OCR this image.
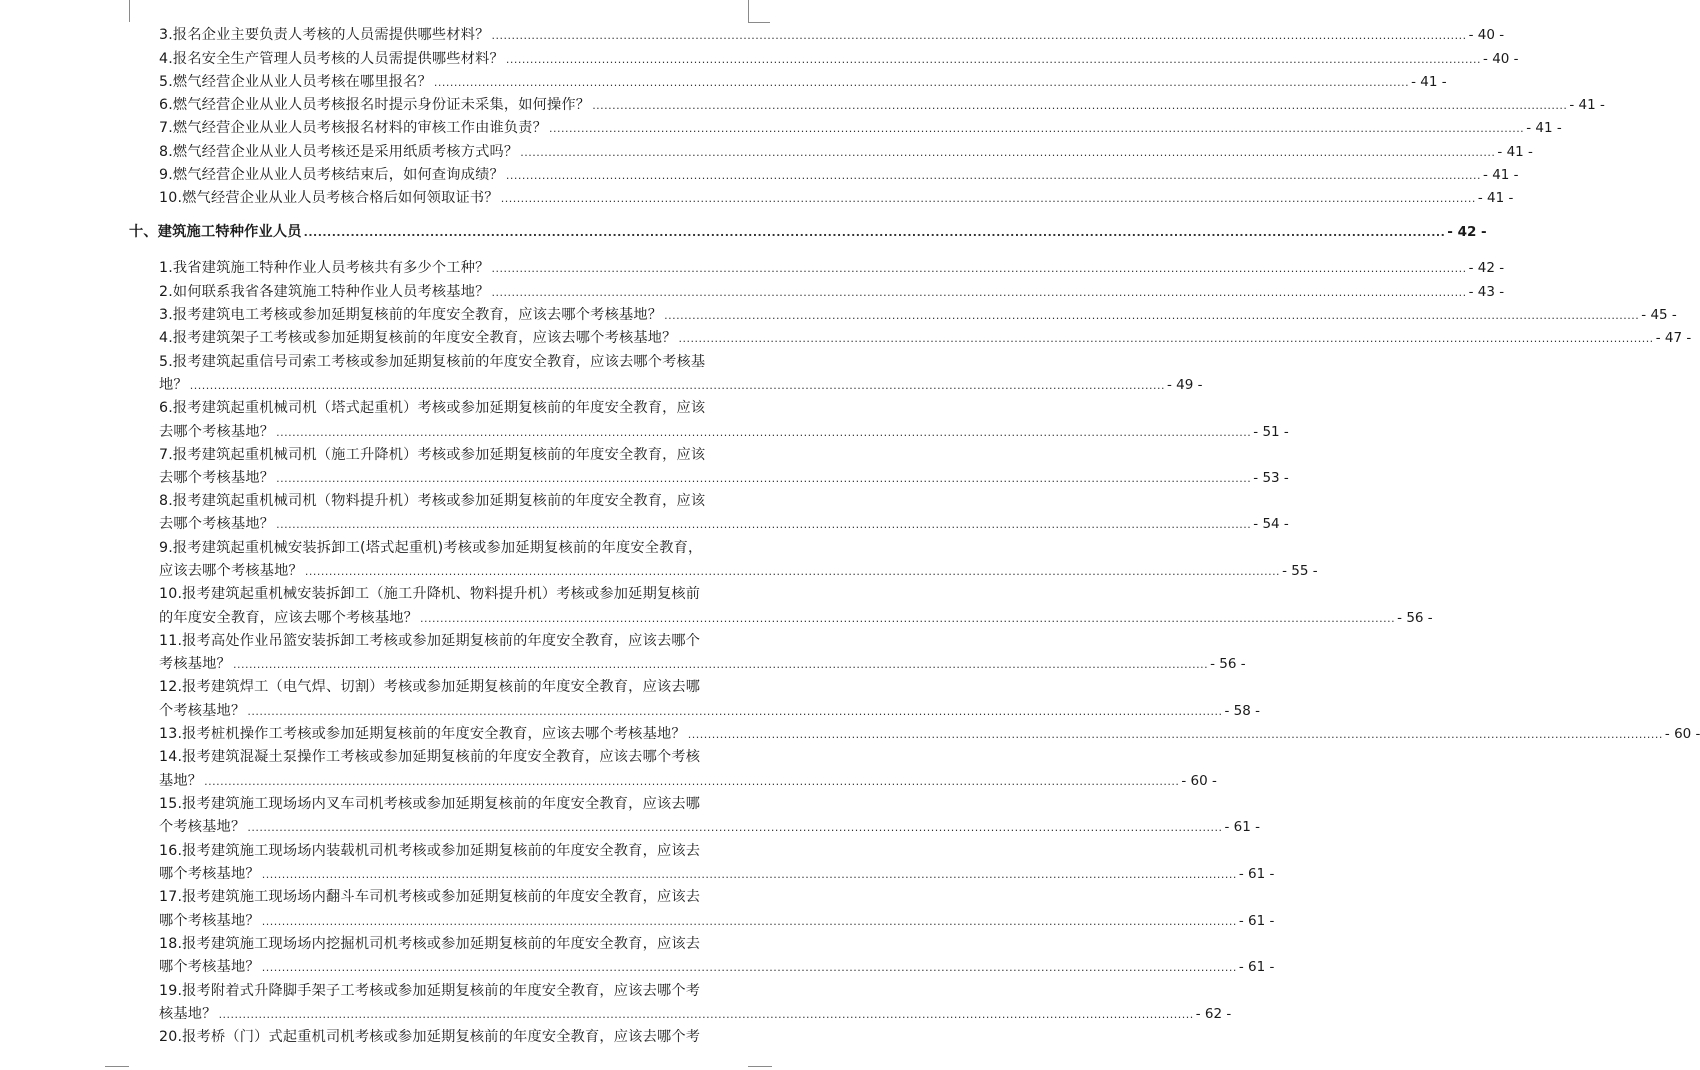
3.报名企业主要负责人考核的人员需提供哪些材料？ .................................................................................................................................................................................................................................................... - 40 -
4.报名安全生产管理人员考核的人员需提供哪些材料？ .................................................................................................................................................................................................................................................... - 40 -
5.燃气经营企业从业人员考核在哪里报名？ .................................................................................................................................................................................................................................................... - 41 -
6.燃气经营企业从业人员考核报名时提示身份证未采集，如何操作？ .................................................................................................................................................................................................................................................... - 41 -
7.燃气经营企业从业人员考核报名材料的审核工作由谁负责？ .................................................................................................................................................................................................................................................... - 41 -
8.燃气经营企业从业人员考核还是采用纸质考核方式吗？ .................................................................................................................................................................................................................................................... - 41 -
9.燃气经营企业从业人员考核结束后，如何查询成绩？ .................................................................................................................................................................................................................................................... - 41 -
10.燃气经营企业从业人员考核合格后如何领取证书？ .................................................................................................................................................................................................................................................... - 41 -
十、建筑施工特种作业人员 .................................................................................................................................................................................................................................................... - 42 -
1.我省建筑施工特种作业人员考核共有多少个工种？ .................................................................................................................................................................................................................................................... - 42 -
2.如何联系我省各建筑施工特种作业人员考核基地？ .................................................................................................................................................................................................................................................... - 43 -
3.报考建筑电工考核或参加延期复核前的年度安全教育，应该去哪个考核基地？ .................................................................................................................................................................................................................................................... - 45 -
4.报考建筑架子工考核或参加延期复核前的年度安全教育，应该去哪个考核基地？ .................................................................................................................................................................................................................................................... - 47 -
5.报考建筑起重信号司索工考核或参加延期复核前的年度安全教育，应该去哪个考核基
地？ .................................................................................................................................................................................................................................................... - 49 -
6.报考建筑起重机械司机（塔式起重机）考核或参加延期复核前的年度安全教育，应该
去哪个考核基地？ .................................................................................................................................................................................................................................................... - 51 -
7.报考建筑起重机械司机（施工升降机）考核或参加延期复核前的年度安全教育，应该
去哪个考核基地？ .................................................................................................................................................................................................................................................... - 53 -
8.报考建筑起重机械司机（物料提升机）考核或参加延期复核前的年度安全教育，应该
去哪个考核基地？ .................................................................................................................................................................................................................................................... - 54 -
9.报考建筑起重机械安装拆卸工(塔式起重机)考核或参加延期复核前的年度安全教育，
应该去哪个考核基地？ .................................................................................................................................................................................................................................................... - 55 -
10.报考建筑起重机械安装拆卸工（施工升降机、物料提升机）考核或参加延期复核前
的年度安全教育，应该去哪个考核基地？ .................................................................................................................................................................................................................................................... - 56 -
11.报考高处作业吊篮安装拆卸工考核或参加延期复核前的年度安全教育，应该去哪个
考核基地？ .................................................................................................................................................................................................................................................... - 56 -
12.报考建筑焊工（电气焊、切割）考核或参加延期复核前的年度安全教育，应该去哪
个考核基地？ .................................................................................................................................................................................................................................................... - 58 -
13.报考桩机操作工考核或参加延期复核前的年度安全教育，应该去哪个考核基地？ .................................................................................................................................................................................................................................................... - 60 -
14.报考建筑混凝土泵操作工考核或参加延期复核前的年度安全教育，应该去哪个考核
基地？ .................................................................................................................................................................................................................................................... - 60 -
15.报考建筑施工现场场内叉车司机考核或参加延期复核前的年度安全教育，应该去哪
个考核基地？ .................................................................................................................................................................................................................................................... - 61 -
16.报考建筑施工现场场内装载机司机考核或参加延期复核前的年度安全教育，应该去
哪个考核基地？ .................................................................................................................................................................................................................................................... - 61 -
17.报考建筑施工现场场内翻斗车司机考核或参加延期复核前的年度安全教育，应该去
哪个考核基地？ .................................................................................................................................................................................................................................................... - 61 -
18.报考建筑施工现场场内挖掘机司机考核或参加延期复核前的年度安全教育，应该去
哪个考核基地？ .................................................................................................................................................................................................................................................... - 61 -
19.报考附着式升降脚手架子工考核或参加延期复核前的年度安全教育，应该去哪个考
核基地？ .................................................................................................................................................................................................................................................... - 62 -
20.报考桥（门）式起重机司机考核或参加延期复核前的年度安全教育，应该去哪个考
